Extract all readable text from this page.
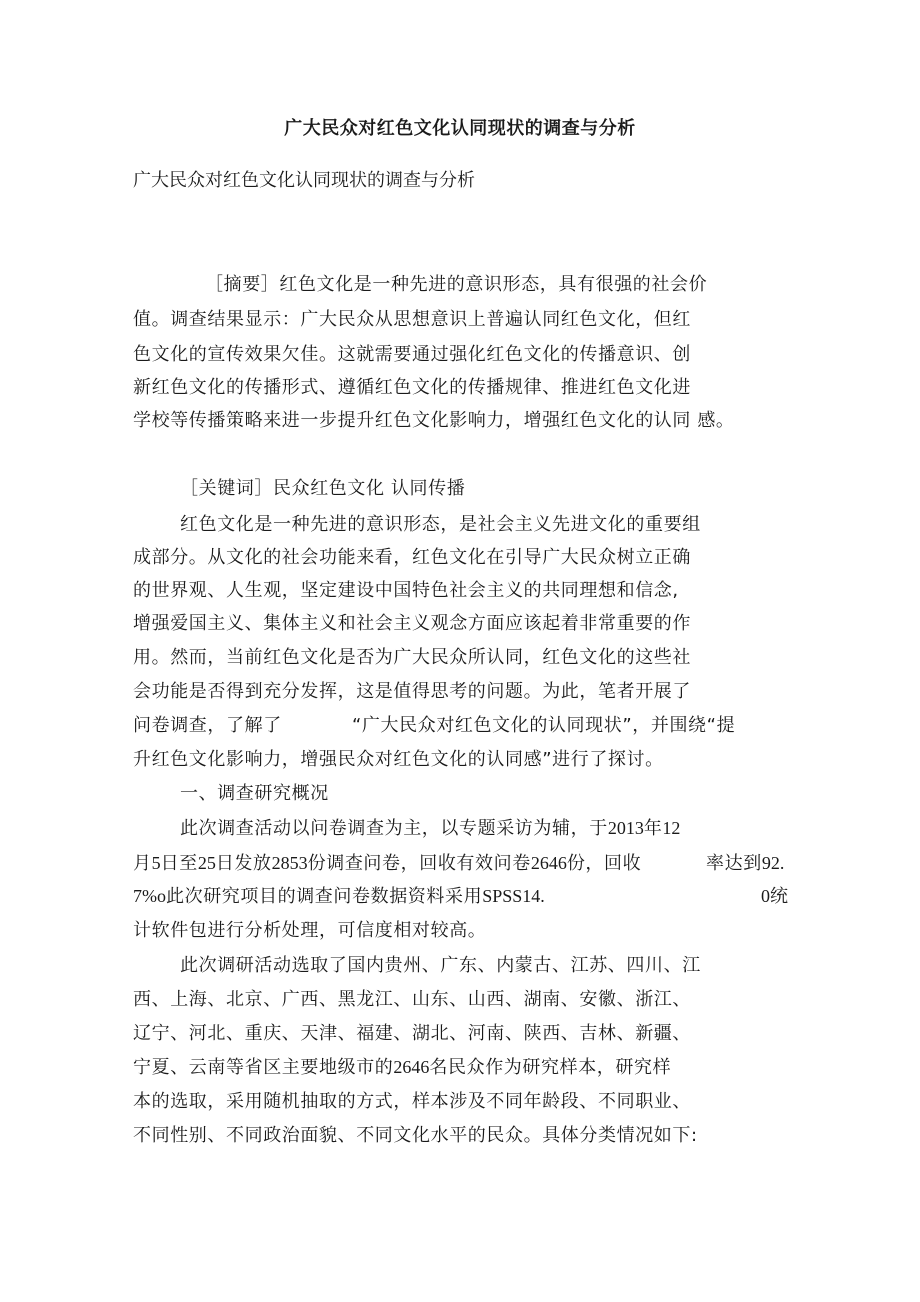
广大民众对红色文化认同现状的调查与分析
广大民众对红色文化认同现状的调查与分析
［摘要］红色文化是一种先进的意识形态，具有很强的社会价
值。调查结果显示：广大民众从思想意识上普遍认同红色文化，但红
色文化的宣传效果欠佳。这就需要通过强化红色文化的传播意识、创
新红色文化的传播形式、遵循红色文化的传播规律、推进红色文化进
学校等传播策略来进一步提升红色文化影响力，增强红色文化的认同 感。
［关键词］民众红色文化 认同传播
红色文化是一种先进的意识形态，是社会主义先进文化的重要组
成部分。从文化的社会功能来看，红色文化在引导广大民众树立正确
的世界观、人生观，坚定建设中国特色社会主义的共同理想和信念,
增强爱国主义、集体主义和社会主义观念方面应该起着非常重要的作
用。然而，当前红色文化是否为广大民众所认同，红色文化的这些社
会功能是否得到充分发挥，这是值得思考的问题。为此，笔者开展了
问卷调查，了解了	“广大民众对红色文化的认同现状”，并围绕“提
升红色文化影响力，增强民众对红色文化的认同感”进行了探讨。
一、调查研究概况
此次调查活动以问卷调查为主，以专题采访为辅，于2013年12
月5日至25日发放2853份调查问卷，回收有效问卷2646份，回收	率达到92.
7%o此次研究项目的调查问卷数据资料采用SPSS14.	0统
计软件包进行分析处理，可信度相对较高。
此次调研活动选取了国内贵州、广东、内蒙古、江苏、四川、江
西、上海、北京、广西、黑龙江、山东、山西、湖南、安徽、浙江、
辽宁、河北、重庆、天津、福建、湖北、河南、陕西、吉林、新疆、
宁夏、云南等省区主要地级市的2646名民众作为研究样本，研究样
本的选取，采用随机抽取的方式，样本涉及不同年龄段、不同职业、
不同性别、不同政治面貌、不同文化水平的民众。具体分类情况如下:
